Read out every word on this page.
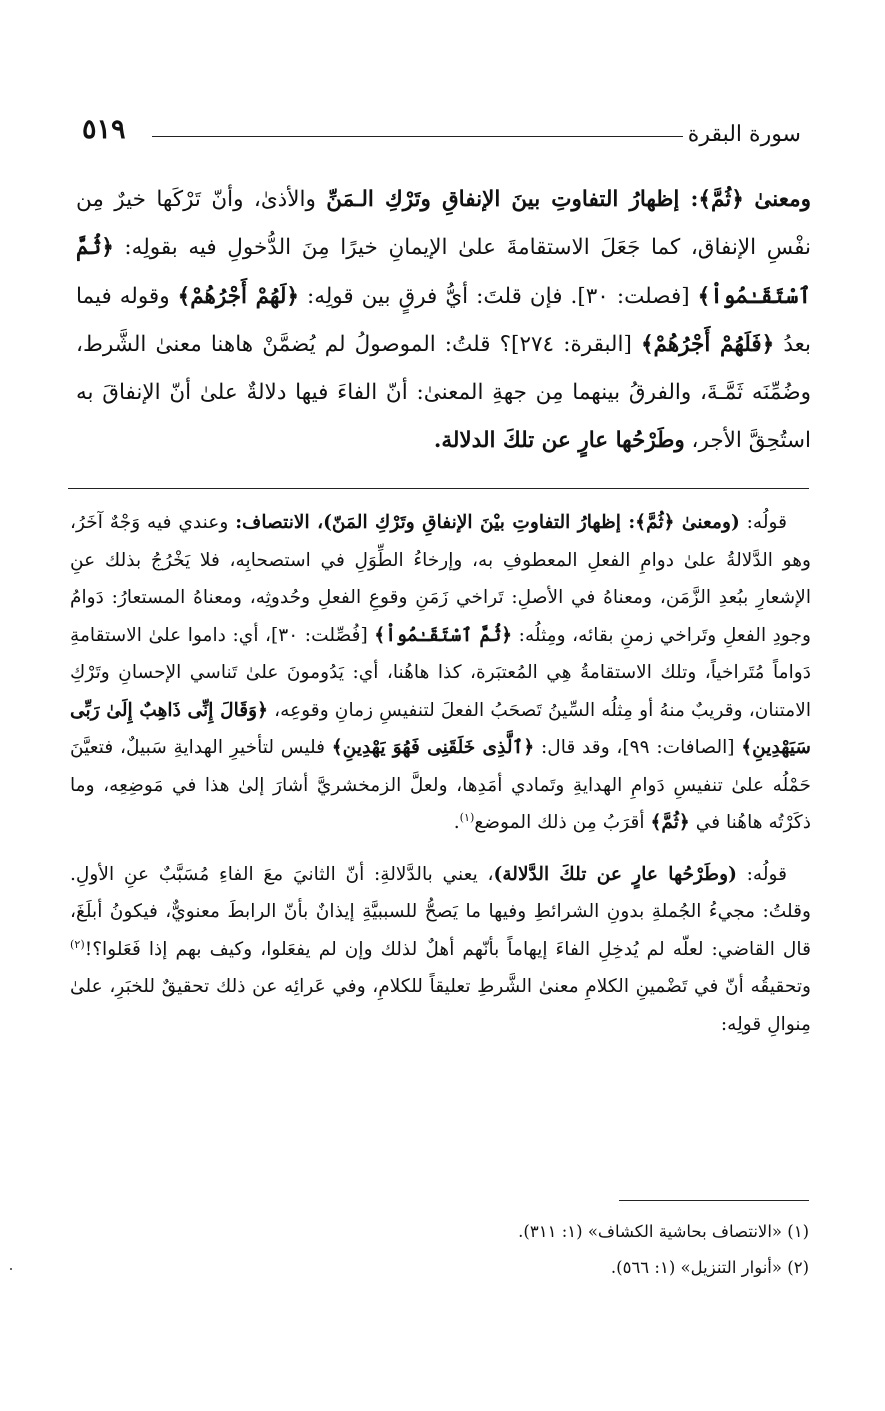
سورة البقرة
٥١٩

ومعنىٰ ﴿ثُمَّ﴾: إظهارُ التفاوتِ بينَ الإنفاقِ وتَرْكِ الـمَنِّ والأذىٰ، وأنّ تَرْكَها خيرٌ مِن نفْسِ الإنفاق، كما جَعَلَ الاستقامةَ علىٰ الإيمانِ خيرًا مِنَ الدُّخولِ فيه بقولِه: ﴿ثُمَّ ٱسْتَقَـٰمُواْ﴾ [فصلت: ٣٠]. فإن قلتَ: أيُّ فرقٍ بين قولِه: ﴿لَهُمْ أَجْرُهُمْ﴾ وقوله فيما بعدُ ﴿فَلَهُمْ أَجْرُهُمْ﴾ [البقرة: ٢٧٤]؟ قلتُ: الموصولُ لم يُضمَّنْ هاهنا معنىٰ الشَّرط، وضُمِّنَه ثَمَّـةَ، والفرقُ بينهما مِن جهةِ المعنىٰ: أنّ الفاءَ فيها دلالةٌ علىٰ أنّ الإنفاقَ به استُحِقَّ الأجر، وطَرْحُها عارٍ عن تلكَ الدلالة.

قولُه: (ومعنىٰ ﴿ثُمَّ﴾: إظهارُ التفاوتِ بيْنَ الإنفاقِ وتَرْكِ المَنّ)، الانتصاف: وعندي فيه وَجْهٌ آخَرُ، وهو الدَّلالةُ علىٰ دوامِ الفعلِ المعطوفِ به، وإرخاءُ الطِّوَلِ في استصحابِه، فلا يَخْرُجُ بذلك عنِ الإشعارِ ببُعدِ الزَّمَن، ومعناهُ في الأصلِ: تَراخي زَمَنِ وقوعِ الفعلِ وحُدوثِه، ومعناهُ المستعارُ: دَوامُ وجودِ الفعلِ وتَراخي زمنِ بقائه، ومِثلُه: ﴿ثُمَّ ٱسْتَقَـٰمُواْ﴾ [فُصِّلت: ٣٠]، أي: داموا علىٰ الاستقامةِ دَواماً مُتَراخياً، وتلك الاستقامةُ هِي المُعتبَرة، كذا هاهُنا، أي: يَدُومونَ علىٰ تَناسي الإحسانِ وتَرْكِ الامتنان، وقريبٌ منهُ أو مِثلُه السِّينُ تَصحَبُ الفعلَ لتنفيسِ زمانِ وقوعِه، ﴿وَقَالَ إِنِّى ذَاهِبٌ إِلَىٰ رَبِّى سَيَهْدِينِ﴾ [الصافات: ٩٩]، وقد قال: ﴿ٱلَّذِى خَلَقَنِى فَهُوَ يَهْدِينِ﴾ فليس لتأخيرِ الهدايةِ سَبيلٌ، فتعيَّنَ حَمْلُه علىٰ تنفيسِ دَوامِ الهدايةِ وتَمادي أمَدِها، ولعلَّ الزمخشريَّ أشارَ إلىٰ هذا في مَوضِعِه، وما ذكَرْتُه هاهُنا في ﴿ثُمَّ﴾ أقرَبُ مِن ذلك الموضع$^{(١)}$.

قولُه: (وطَرْحُها عارٍ عن تلكَ الدَّلالة)، يعني بالدَّلالةِ: أنّ الثانيَ معَ الفاءِ مُسَبَّبٌ عنِ الأولِ. وقلتُ: مجيءُ الجُملةِ بدونِ الشرائطِ وفيها ما يَصحُّ للسببيَّةِ إيذانٌ بأنّ الرابطَ معنويٌّ، فيكونُ أبلَغَ، قال القاضي: لعلّه لم يُدخِلِ الفاءَ إيهاماً بأنّهم أهلٌ لذلك وإن لم يفعَلوا، وكيف بهم إذا فَعَلوا؟!$^{(٢)}$ وتحقيقُه أنّ في تَضْمينِ الكلامِ معنىٰ الشَّرطِ تعليقاً للكلامِ، وفي عَرائِه عن ذلك تحقيقٌ للخبَرِ، علىٰ مِنوالِ قولِه:

(١) «الانتصاف بحاشية الكشاف» (١: ٣١١).

(٢) «أنوار التنزيل» (١: ٥٦٦).
